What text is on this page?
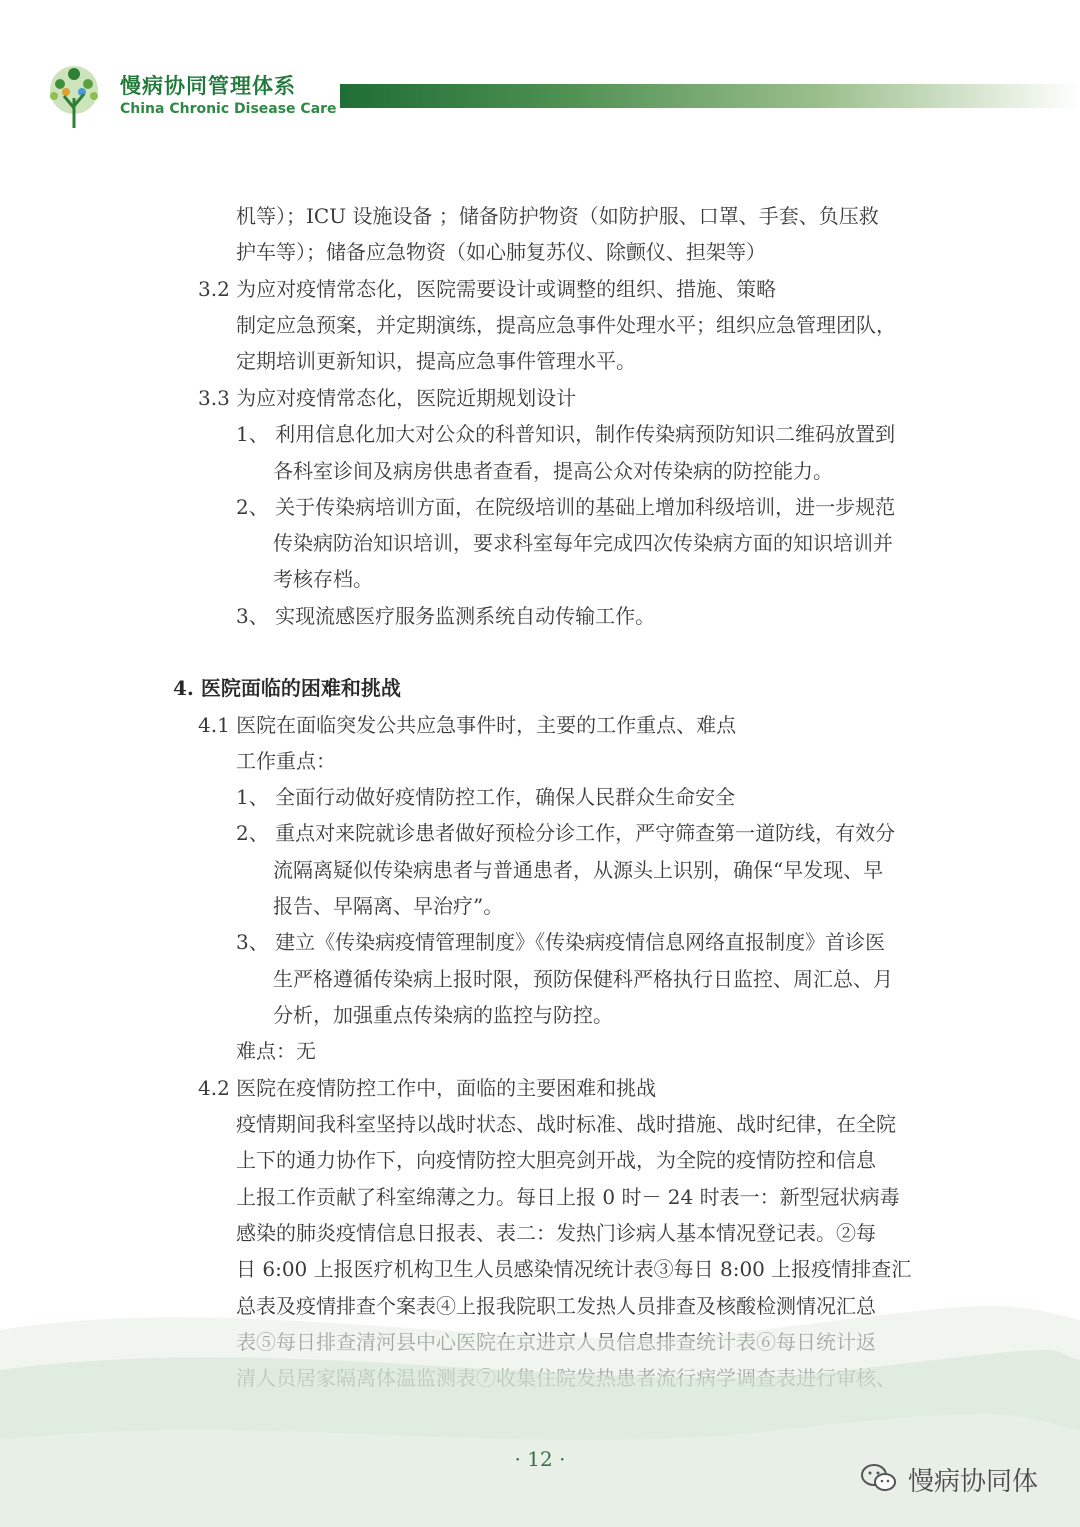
慢病协同管理体系
China Chronic Disease Care
机等）；ICU 设施设备 ；储备防护物资（如防护服、口罩、手套、负压救
护车等）；储备应急物资（如心肺复苏仪、除颤仪、担架等）
3.2 为应对疫情常态化，医院需要设计或调整的组织、措施、策略
制定应急预案，并定期演练，提高应急事件处理水平；组织应急管理团队，
定期培训更新知识，提高应急事件管理水平。
3.3 为应对疫情常态化，医院近期规划设计
1、 利用信息化加大对公众的科普知识，制作传染病预防知识二维码放置到
各科室诊间及病房供患者查看，提高公众对传染病的防控能力。
2、 关于传染病培训方面，在院级培训的基础上增加科级培训，进一步规范
传染病防治知识培训，要求科室每年完成四次传染病方面的知识培训并
考核存档。
3、 实现流感医疗服务监测系统自动传输工作。
4. 医院面临的困难和挑战
4.1 医院在面临突发公共应急事件时，主要的工作重点、难点
工作重点：
1、 全面行动做好疫情防控工作，确保人民群众生命安全
2、 重点对来院就诊患者做好预检分诊工作，严守筛查第一道防线，有效分
流隔离疑似传染病患者与普通患者，从源头上识别，确保“早发现、早
报告、早隔离、早治疗”。
3、 建立《传染病疫情管理制度》《传染病疫情信息网络直报制度》首诊医
生严格遵循传染病上报时限，预防保健科严格执行日监控、周汇总、月
分析，加强重点传染病的监控与防控。
难点：无
4.2 医院在疫情防控工作中，面临的主要困难和挑战
疫情期间我科室坚持以战时状态、战时标准、战时措施、战时纪律，在全院
上下的通力协作下，向疫情防控大胆亮剑开战，为全院的疫情防控和信息
上报工作贡献了科室绵薄之力。每日上报 0 时－ 24 时表一：新型冠状病毒
感染的肺炎疫情信息日报表、表二：发热门诊病人基本情况登记表。②每
日 6:00 上报医疗机构卫生人员感染情况统计表③每日 8:00 上报疫情排查汇
总表及疫情排查个案表④上报我院职工发热人员排查及核酸检测情况汇总
· 12 ·
慢病协同体
